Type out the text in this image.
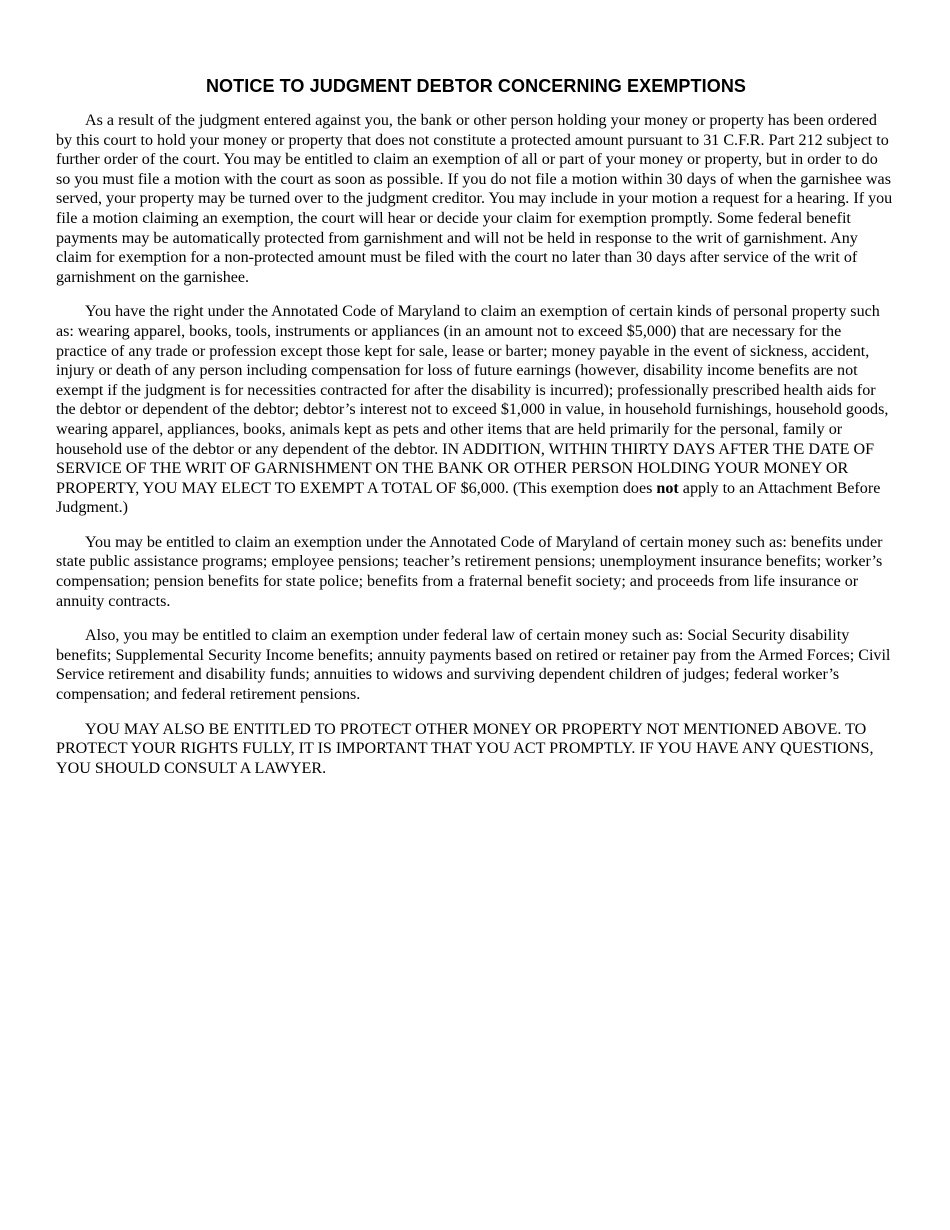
NOTICE TO JUDGMENT DEBTOR CONCERNING EXEMPTIONS

As a result of the judgment entered against you, the bank or other person holding your money or property has been ordered by this court to hold your money or property that does not constitute a protected amount pursuant to 31 C.F.R. Part 212 subject to further order of the court. You may be entitled to claim an exemption of all or part of your money or property, but in order to do so you must file a motion with the court as soon as possible. If you do not file a motion within 30 days of when the garnishee was served, your property may be turned over to the judgment creditor. You may include in your motion a request for a hearing. If you file a motion claiming an exemption, the court will hear or decide your claim for exemption promptly. Some federal benefit payments may be automatically protected from garnishment and will not be held in response to the writ of garnishment. Any claim for exemption for a non-protected amount must be filed with the court no later than 30 days after service of the writ of garnishment on the garnishee.

You have the right under the Annotated Code of Maryland to claim an exemption of certain kinds of personal property such as: wearing apparel, books, tools, instruments or appliances (in an amount not to exceed $5,000) that are necessary for the practice of any trade or profession except those kept for sale, lease or barter; money payable in the event of sickness, accident, injury or death of any person including compensation for loss of future earnings (however, disability income benefits are not exempt if the judgment is for necessities contracted for after the disability is incurred); professionally prescribed health aids for the debtor or dependent of the debtor; debtor’s interest not to exceed $1,000 in value, in household furnishings, household goods, wearing apparel, appliances, books, animals kept as pets and other items that are held primarily for the personal, family or household use of the debtor or any dependent of the debtor. IN ADDITION, WITHIN THIRTY DAYS AFTER THE DATE OF SERVICE OF THE WRIT OF GARNISHMENT ON THE BANK OR OTHER PERSON HOLDING YOUR MONEY OR PROPERTY, YOU MAY ELECT TO EXEMPT A TOTAL OF $6,000. (This exemption does not apply to an Attachment Before Judgment.)

You may be entitled to claim an exemption under the Annotated Code of Maryland of certain money such as: benefits under state public assistance programs; employee pensions; teacher’s retirement pensions; unemployment insurance benefits; worker’s compensation; pension benefits for state police; benefits from a fraternal benefit society; and proceeds from life insurance or annuity contracts.

Also, you may be entitled to claim an exemption under federal law of certain money such as: Social Security disability benefits; Supplemental Security Income benefits; annuity payments based on retired or retainer pay from the Armed Forces; Civil Service retirement and disability funds; annuities to widows and surviving dependent children of judges; federal worker’s compensation; and federal retirement pensions.

YOU MAY ALSO BE ENTITLED TO PROTECT OTHER MONEY OR PROPERTY NOT MENTIONED ABOVE. TO PROTECT YOUR RIGHTS FULLY, IT IS IMPORTANT THAT YOU ACT PROMPTLY. IF YOU HAVE ANY QUESTIONS, YOU SHOULD CONSULT A LAWYER.
